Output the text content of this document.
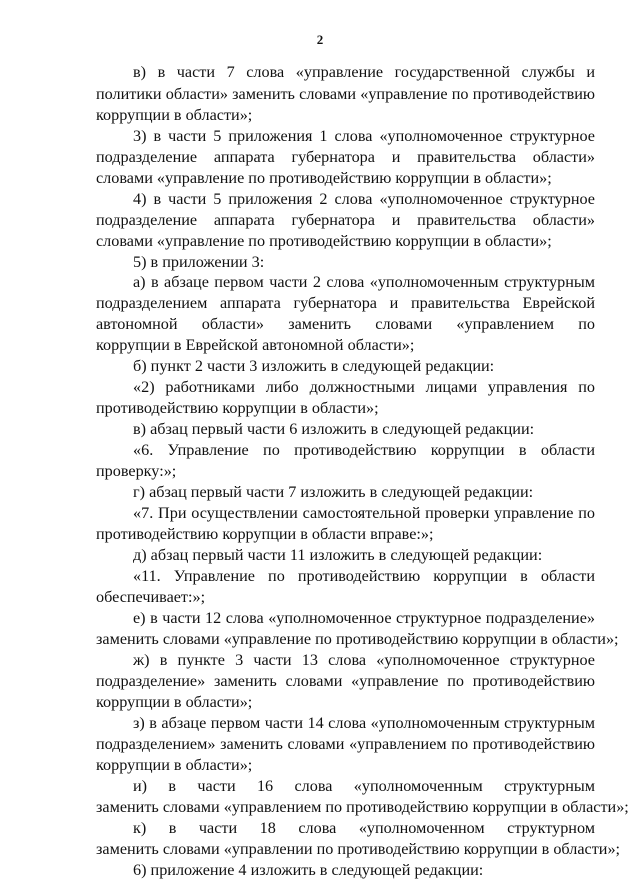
2
в) в части 7 слова «управление государственной службы и
политики области» заменить словами «управление по противодействию
коррупции в области»;
3) в части 5 приложения 1 слова «уполномоченное структурное
подразделение аппарата губернатора и правительства области»
словами «управление по противодействию коррупции в области»;
4) в части 5 приложения 2 слова «уполномоченное структурное
подразделение аппарата губернатора и правительства области»
словами «управление по противодействию коррупции в области»;
5) в приложении 3:
а) в абзаце первом части 2 слова «уполномоченным структурным
подразделением аппарата губернатора и правительства Еврейской
автономной области» заменить словами «управлением по
коррупции в Еврейской автономной области»;
б) пункт 2 части 3 изложить в следующей редакции:
«2) работниками либо должностными лицами управления по
противодействию коррупции в области»;
в) абзац первый части 6 изложить в следующей редакции:
«6. Управление по противодействию коррупции в области
проверку:»;
г) абзац первый части 7 изложить в следующей редакции:
«7. При осуществлении самостоятельной проверки управление по
противодействию коррупции в области вправе:»;
д) абзац первый части 11 изложить в следующей редакции:
«11. Управление по противодействию коррупции в области
обеспечивает:»;
е) в части 12 слова «уполномоченное структурное подразделение»
заменить словами «управление по противодействию коррупции в области»;
ж) в пункте 3 части 13 слова «уполномоченное структурное
подразделение» заменить словами «управление по противодействию
коррупции в области»;
з) в абзаце первом части 14 слова «уполномоченным структурным
подразделением» заменить словами «управлением по противодействию
коррупции в области»;
и) в части 16 слова «уполномоченным структурным
заменить словами «управлением по противодействию коррупции в области»;
к) в части 18 слова «уполномоченном структурном
заменить словами «управлении по противодействию коррупции в области»;
6) приложение 4 изложить в следующей редакции:
